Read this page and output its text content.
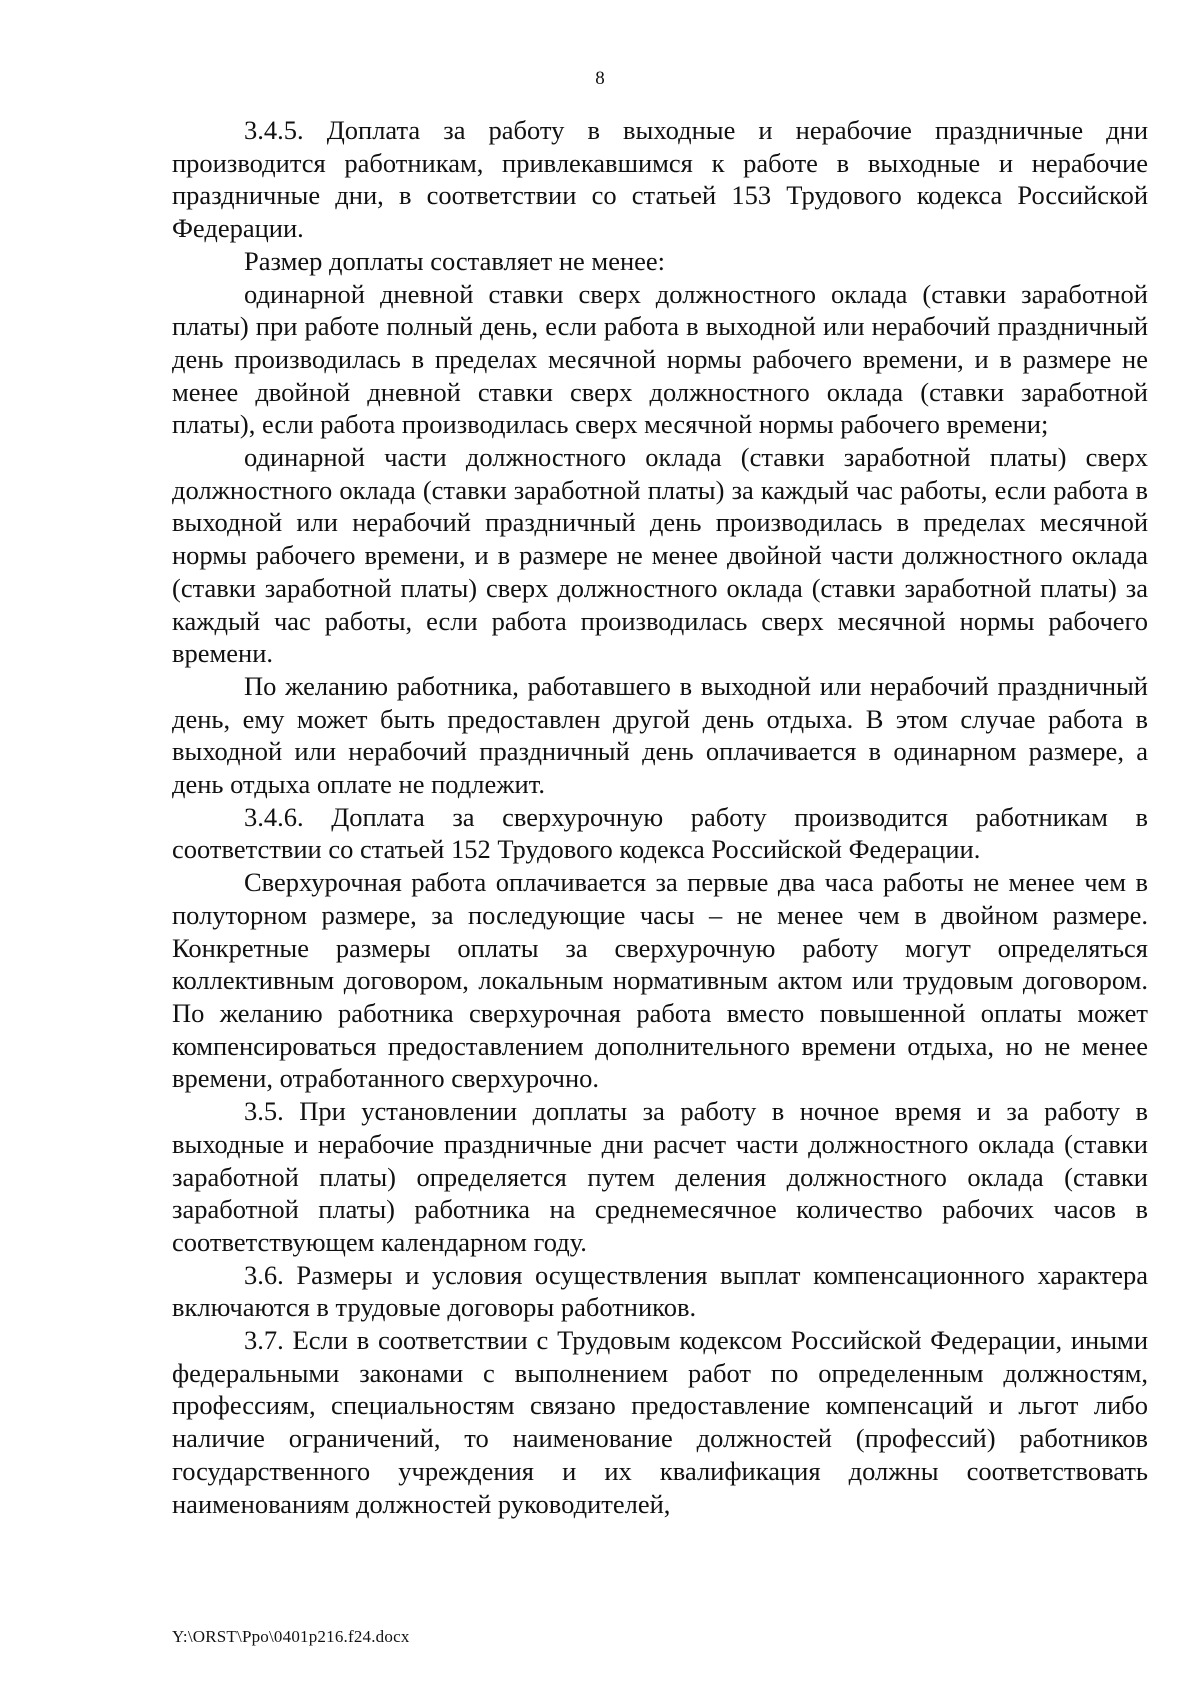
8

3.4.5. Доплата за работу в выходные и нерабочие праздничные дни производится работникам, привлекавшимся к работе в выходные и нерабочие праздничные дни, в соответствии со статьей 153 Трудового кодекса Российской Федерации.

Размер доплаты составляет не менее:

одинарной дневной ставки сверх должностного оклада (ставки заработной платы) при работе полный день, если работа в выходной или нерабочий праздничный день производилась в пределах месячной нормы рабочего времени, и в размере не менее двойной дневной ставки сверх должностного оклада (ставки заработной платы), если работа производилась сверх месячной нормы рабочего времени;

одинарной части должностного оклада (ставки заработной платы) сверх должностного оклада (ставки заработной платы) за каждый час работы, если работа в выходной или нерабочий праздничный день производилась в пределах месячной нормы рабочего времени, и в размере не менее двойной части должностного оклада (ставки заработной платы) сверх должностного оклада (ставки заработной платы) за каждый час работы, если работа производилась сверх месячной нормы рабочего времени.

По желанию работника, работавшего в выходной или нерабочий праздничный день, ему может быть предоставлен другой день отдыха. В этом случае работа в выходной или нерабочий праздничный день оплачивается в одинарном размере, а день отдыха оплате не подлежит.

3.4.6. Доплата за сверхурочную работу производится работникам в соответствии со статьей 152 Трудового кодекса Российской Федерации.

Сверхурочная работа оплачивается за первые два часа работы не менее чем в полуторном размере, за последующие часы – не менее чем в двойном размере. Конкретные размеры оплаты за сверхурочную работу могут определяться коллективным договором, локальным нормативным актом или трудовым договором. По желанию работника сверхурочная работа вместо повышенной оплаты может компенсироваться предоставлением дополнительного времени отдыха, но не менее времени, отработанного сверхурочно.

3.5. При установлении доплаты за работу в ночное время и за работу в выходные и нерабочие праздничные дни расчет части должностного оклада (ставки заработной платы) определяется путем деления должностного оклада (ставки заработной платы) работника на среднемесячное количество рабочих часов в соответствующем календарном году.

3.6. Размеры и условия осуществления выплат компенсационного характера включаются в трудовые договоры работников.

3.7. Если в соответствии с Трудовым кодексом Российской Федерации, иными федеральными законами с выполнением работ по определенным должностям, профессиям, специальностям связано предоставление компенсаций и льгот либо наличие ограничений, то наименование должностей (профессий) работников государственного учреждения и их квалификация должны соответствовать наименованиям должностей руководителей,

Y:\ORST\Ppo\0401p216.f24.docx
